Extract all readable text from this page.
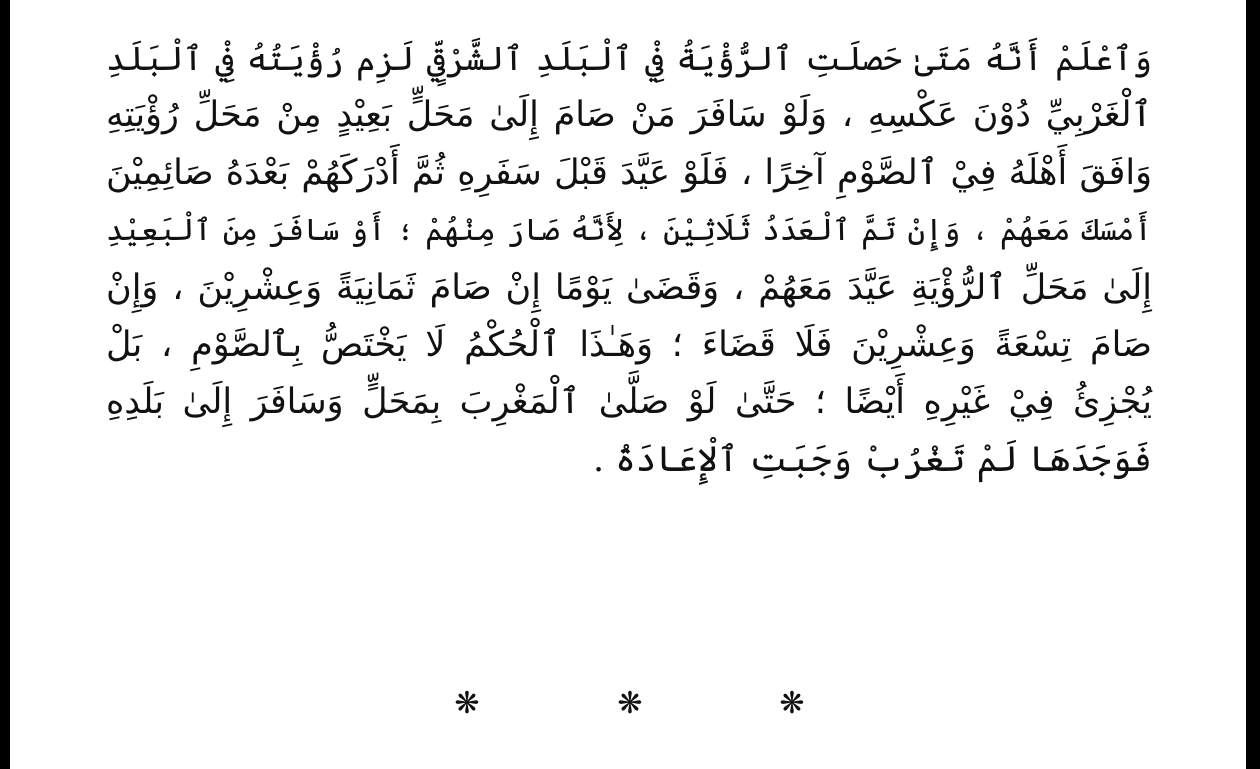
وَٱعْلَمْ أَنَّهُ مَتَىٰ حَصلَتِ ٱلرُّؤْيَةُ فِيْ ٱلْبَلَدِ ٱلشَّرْقِيِّ لَزِم رُؤْيَتُهُ فِيْ ٱلْبَلَدِ
ٱلْغَرْبِيِّ دُوْنَ عَكْسِهِ ، وَلَوْ سَافَرَ مَنْ صَامَ إِلَىٰ مَحَلٍّ بَعِيْدٍ مِنْ مَحَلِّ رُؤْيَتِهِ
وَافَقَ أَهْلَهُ فِيْ ٱلصَّوْمِ آخِرًا ، فَلَوْ عَيَّدَ قَبْلَ سَفَرِهِ ثُمَّ أَدْرَكَهُمْ بَعْدَهُ صَائِمِيْنَ
أَمْسَكَ مَعَهُمْ ، وَإِنْ تَمَّ ٱلْعَدَدُ ثَلَاثِيْنَ ، لِأَنَّهُ صَارَ مِنْهُمْ ؛ أَوْ سَافَرَ مِنَ ٱلْبَعِيْدِ
إِلَىٰ مَحَلِّ ٱلرُّؤْيَةِ عَيَّدَ مَعَهُمْ ، وَقَضَىٰ يَوْمًا إِنْ صَامَ ثَمَانِيَةً وَعِشْرِيْنَ ، وَإِنْ
صَامَ تِسْعَةً وَعِشْرِيْنَ فَلَا قَضَاءَ ؛ وَهَـٰذَا ٱلْحُكْمُ لَا يَخْتَصُّ بِٱلصَّوْمِ ، بَلْ
يُجْزِئُ فِيْ غَيْرِهِ أَيْضًا ؛ حَتَّىٰ لَوْ صَلَّىٰ ٱلْمَغْرِبَ بِمَحَلٍّ وَسَافَرَ إِلَىٰ بَلَدِهِ
فَوَجَدَهَا لَمْ تَغْرُبْ وَجَبَتِ ٱلْإِعَادَةُ .
❋	❋	❋
